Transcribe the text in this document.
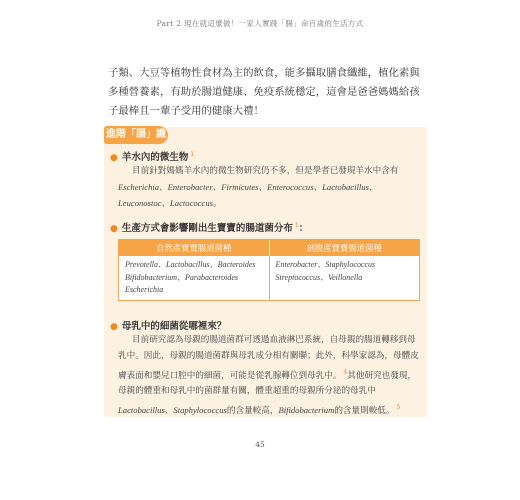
Part 2 現在就這麼做！一家人實踐「腸」命百歲的生活方式
子類、大豆等植物性食材為主的飲食，能多攝取膳食纖維，植化素與多種營養素，有助於腸道健康、免疫系統穩定，這會是爸爸媽媽給孩子最棒且一輩子受用的健康大禮！
進階「腸」識
● 羊水內的微生物 $^1$
目前針對媽媽羊水內的微生物研究仍不多，但是學者已發現羊水中含有
Escherichia、Enterobacter、Firmicutes、Enterococcus、Lactobacillus、Leuconostoc、Lactococcus。
● 生產方式會影響剛出生寶寶的腸道菌分布 $^1$：
自然產寶寶腸道菌種	剖腹產寶寶腸道菌種
Prevotella、Lactobacillus、Bacteroides
Bifidobacterium、Parabacteroides
Escherichia
Enterobacter、Staphylococcus
Streptococcus、Veillonella
● 母乳中的細菌從哪裡來？
目前研究認為母親的腸道菌群可透過血液淋巴系統，自母親的腸道轉移到母乳中。因此，母親的腸道菌群與母乳成分相有關聯；此外，科學家認為，母體皮膚表面和嬰兒口腔中的細菌，可能是從乳腺轉位到母乳中。 $^4$其他研究也發現，母親的體重和母乳中的菌群量有關，體重超重的母親所分泌的母乳中Lactobacillus、Staphylococcus的含量較高，Bifidobacterium的含量則較低。 $^5$
45
